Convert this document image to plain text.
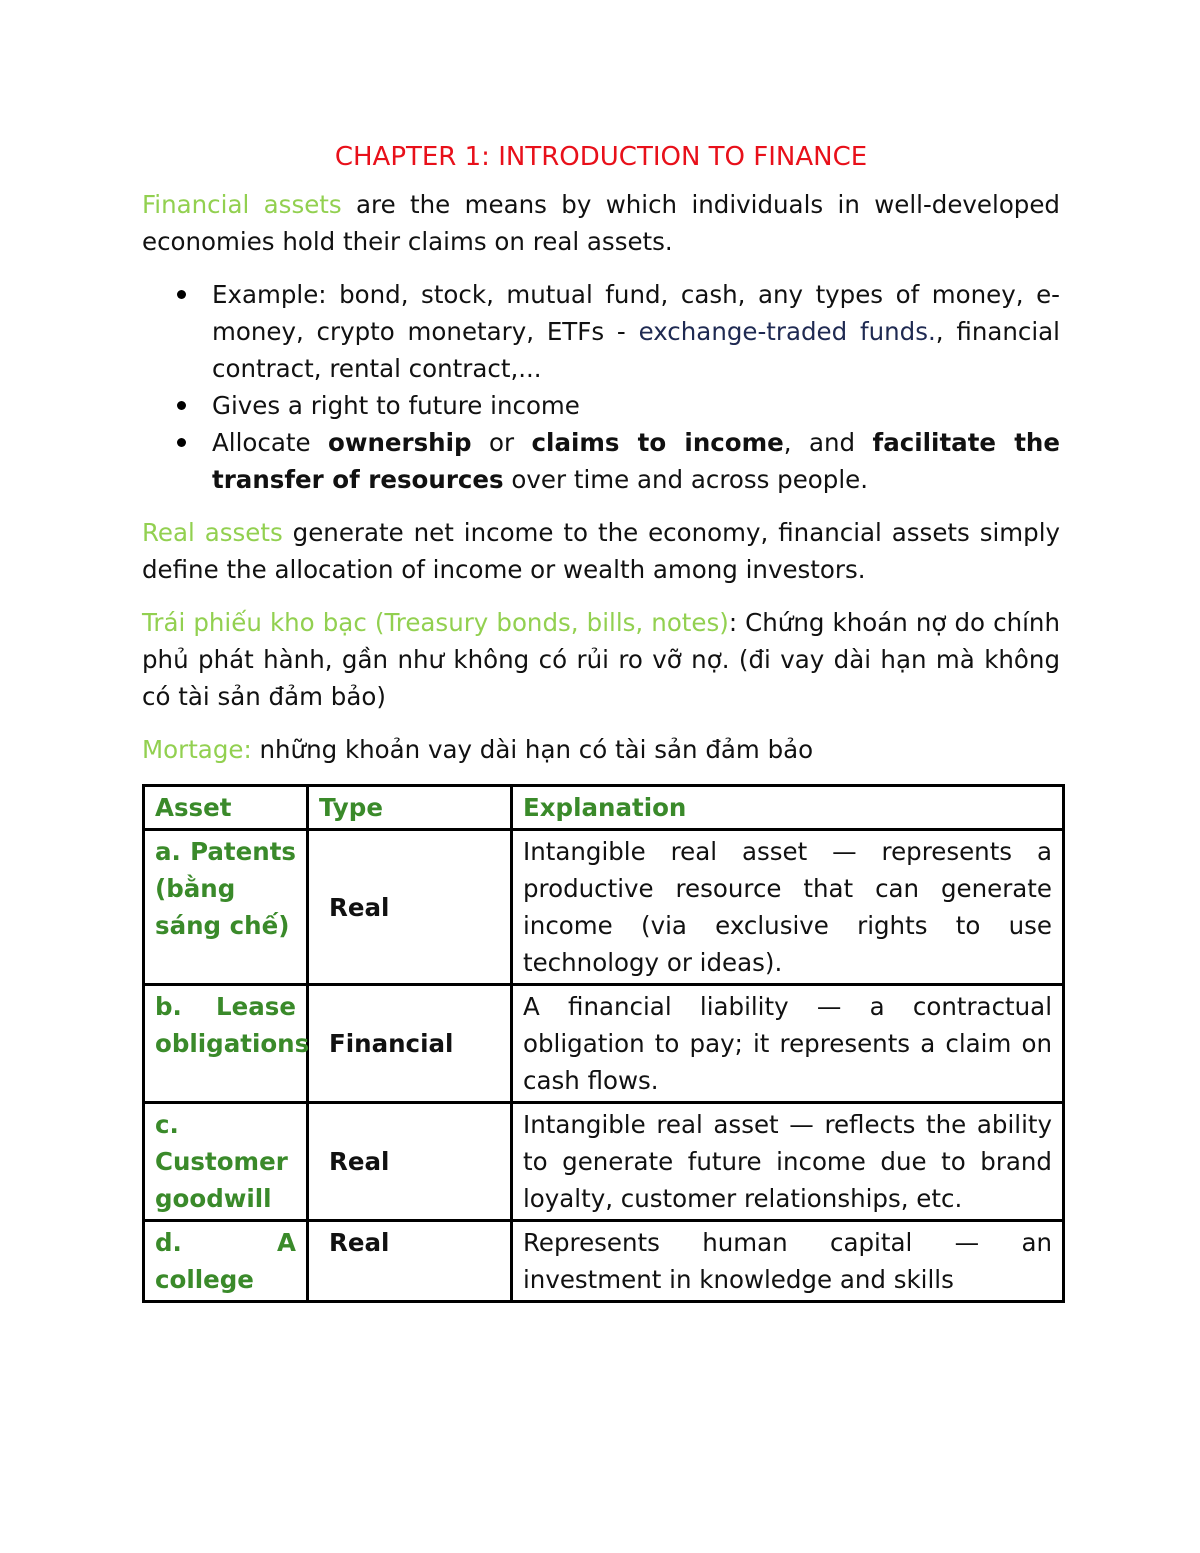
CHAPTER 1: INTRODUCTION TO FINANCE

Financial assets are the means by which individuals in well-developed economies hold their claims on real assets.

Example: bond, stock, mutual fund, cash, any types of money, e-money, crypto monetary, ETFs - exchange-traded funds., financial contract, rental contract,...
Gives a right to future income
Allocate ownership or claims to income, and facilitate the transfer of resources over time and across people.

Real assets generate net income to the economy, financial assets simply define the allocation of income or wealth among investors.

Trái phiếu kho bạc (Treasury bonds, bills, notes): Chứng khoán nợ do chính phủ phát hành, gần như không có rủi ro vỡ nợ. (đi vay dài hạn mà không có tài sản đảm bảo)

Mortage: những khoản vay dài hạn có tài sản đảm bảo

Asset	Type	Explanation
a. Patents (bằng sáng chế)	Real	Intangible real asset — represents a productive resource that can generate income (via exclusive rights to use technology or ideas).
b. Lease obligations	Financial	A financial liability — a contractual obligation to pay; it represents a claim on cash flows.
c. Customer goodwill	Real	Intangible real asset — reflects the ability to generate future income due to brand loyalty, customer relationships, etc.
d. A college	Real	Represents human capital — an investment in knowledge and skills
